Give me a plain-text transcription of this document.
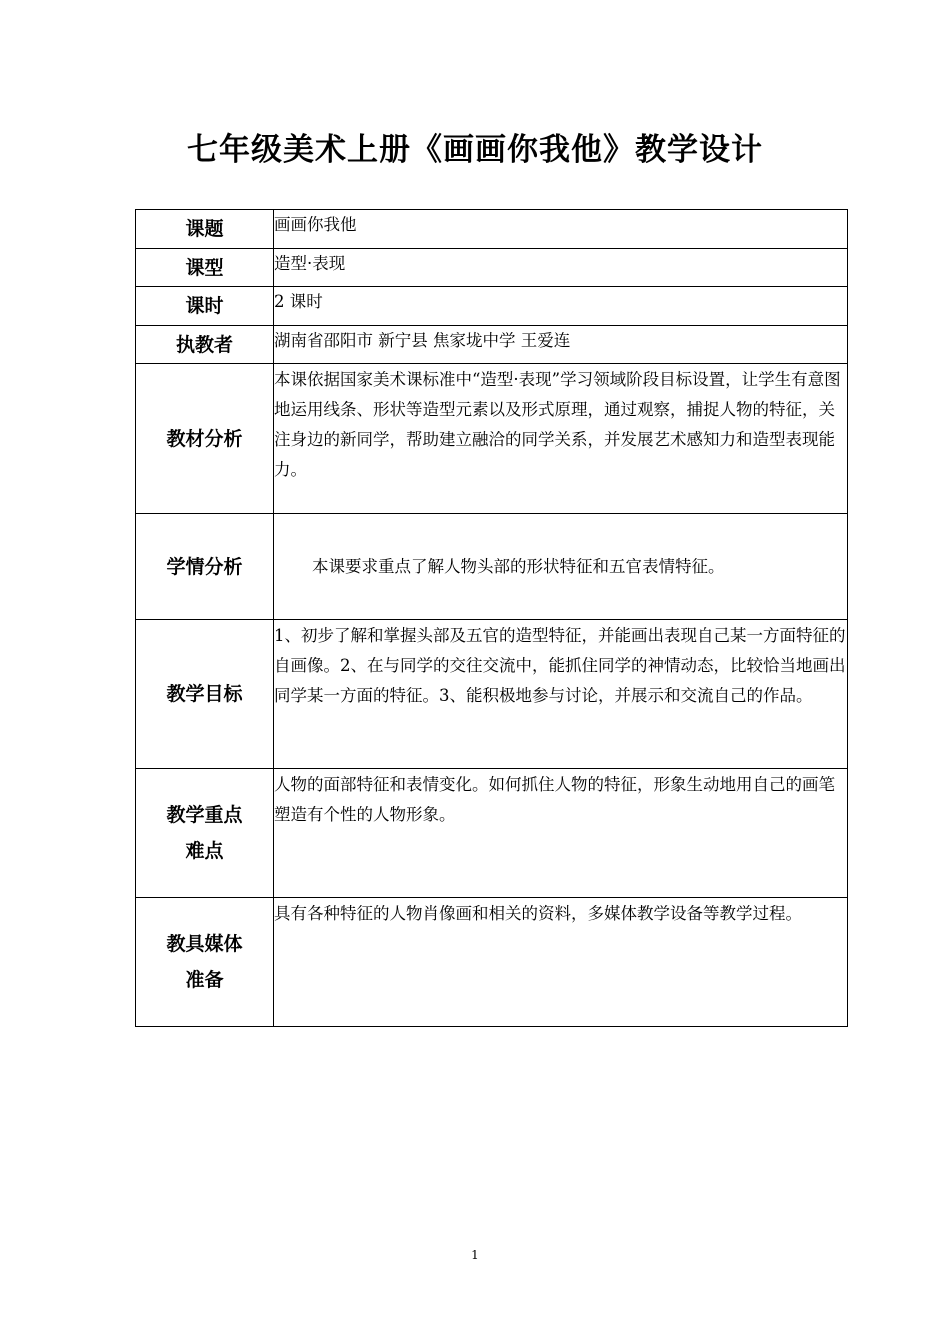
七年级美术上册《画画你我他》教学设计
课题	画画你我他
课型	造型·表现
课时	2 课时
执教者	湖南省邵阳市 新宁县 焦家垅中学 王爱连
教材分析	本课依据国家美术课标准中“造型·表现”学习领域阶段目标设置，让学生有意图地运用线条、形状等造型元素以及形式原理，通过观察，捕捉人物的特征，关注身边的新同学，帮助建立融洽的同学关系，并发展艺术感知力和造型表现能力。
学情分析	本课要求重点了解人物头部的形状特征和五官表情特征。
教学目标	1、初步了解和掌握头部及五官的造型特征，并能画出表现自己某一方面特征的自画像。2、在与同学的交往交流中，能抓住同学的神情动态，比较恰当地画出同学某一方面的特征。3、能积极地参与讨论，并展示和交流自己的作品。

教学重点
难点	人物的面部特征和表情变化。如何抓住人物的特征，形象生动地用自己的画笔塑造有个性的人物形象。

教具媒体
准备	具有各种特征的人物肖像画和相关的资料，多媒体教学设备等教学过程。
1
